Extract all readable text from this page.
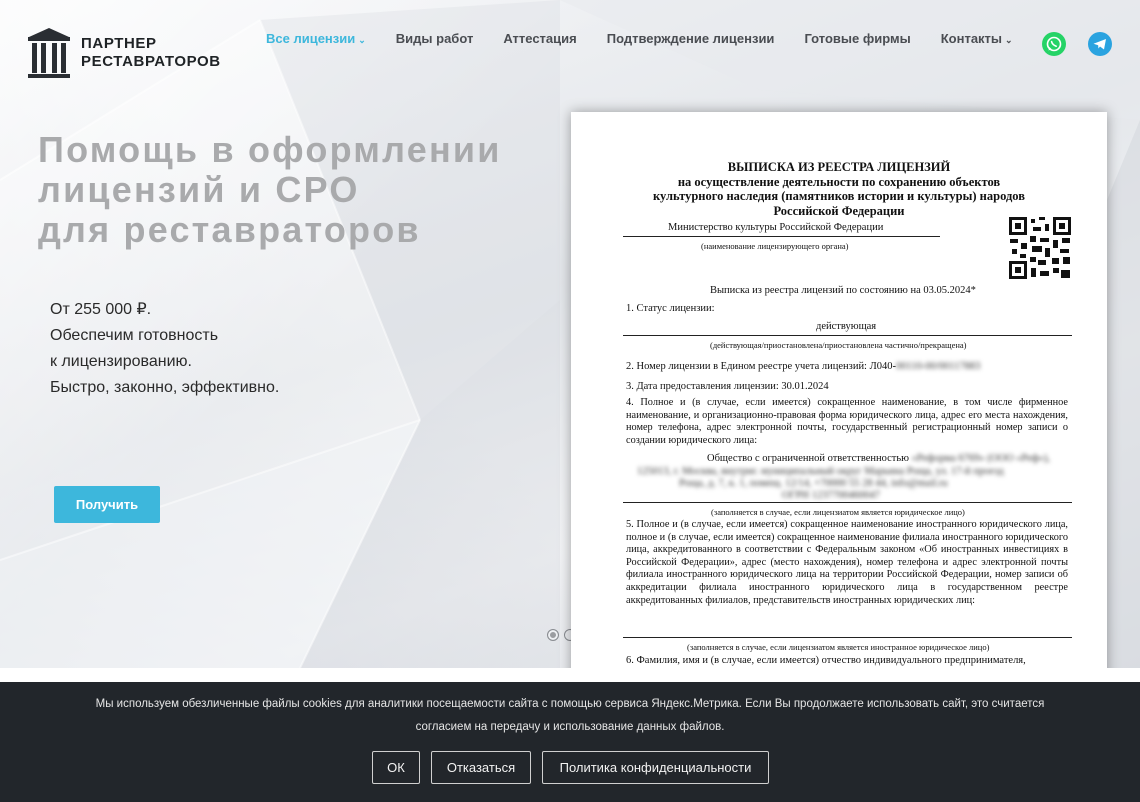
ПАРТНЕР
РЕСТАВРАТОРОВ
Все лицензии ⌄ Виды работ Аттестация Подтверждение лицензии Готовые фирмы Контакты ⌄
Помощь в оформлении
лицензий и СРО
для реставраторов
От 255 000 ₽.
Обеспечим готовность
к лицензированию.
Быстро, законно, эффективно.
Получить
ВЫПИСКА ИЗ РЕЕСТРА ЛИЦЕНЗИЙ
на осуществление деятельности по сохранению объектов
культурного наследия (памятников истории и культуры) народов
Российской Федерации
Министерство культуры Российской Федерации
(наименование лицензирующего органа)
Выписка из реестра лицензий по состоянию на 03.05.2024*
1. Статус лицензии:
действующая
(действующая/приостановлена/приостановлена частично/прекращена)
2. Номер лицензии в Едином реестре учета лицензий: Л040-00110-00/00117883
3. Дата предоставления лицензии: 30.01.2024
4. Полное и (в случае, если имеется) сокращенное наименование, в том числе фирменное наименование, и организационно-правовая форма юридического лица, адрес его места нахождения, номер телефона, адрес электронной почты, государственный регистрационный номер записи о создании юридического лица:
Общество с ограниченной ответственностью «Реформа 6769» (ООО «Реф»),
125013, г. Москва, внутриг. муниципальный округ Марьина Роща, ул. 17-й проезд
Роща, д. 7, к. 1, помещ. 12/14, +70000 55 28 44, info@mail.ru
ОГРН 1237700460047
(заполняется в случае, если лицензиатом является юридическое лицо)
5. Полное и (в случае, если имеется) сокращенное наименование иностранного юридического лица, полное и (в случае, если имеется) сокращенное наименование филиала иностранного юридического лица, аккредитованного в соответствии с Федеральным законом «Об иностранных инвестициях в Российской Федерации», адрес (место нахождения), номер телефона и адрес электронной почты филиала иностранного юридического лица на территории Российской Федерации, номер записи об аккредитации филиала иностранного юридического лица в государственном реестре аккредитованных филиалов, представительств иностранных юридических лиц:
(заполняется в случае, если лицензиатом является иностранное юридическое лицо)
6. Фамилия, имя и (в случае, если имеется) отчество индивидуального предпринимателя,
Мы используем обезличенные файлы cookies для аналитики посещаемости сайта с помощью сервиса Яндекс.Метрика. Если Вы продолжаете использовать сайт, это считается
согласием на передачу и использование данных файлов.
ОК	Отказаться	Политика конфиденциальности
